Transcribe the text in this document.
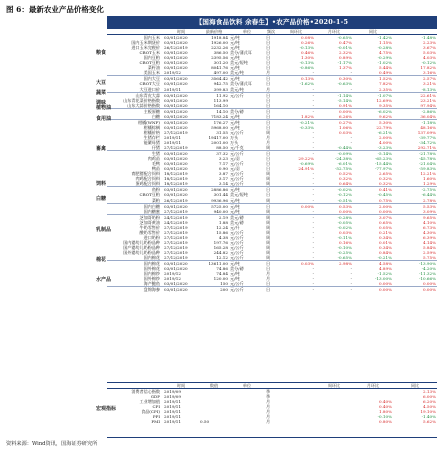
图 6：最新农业产品价格变化
【国海食品饮料 余春生】•农产品价格•2020-1-5
	时间	最新价格	单位	频次	周环比	月环比	同比	
国内玉米	03/01/2020	1918.84	元/吨	日	0.08%	-0.65%	-1.42%	-1.48%
国内玉米期货价	03/01/2020	1926.00	元/吨	日	0.26%	0.47%	1.15%	2.23%
进口玉米完税价	26/12/2019	2232.26	元/吨	日	-0.13%	-0.01%	-0.28%	3.67%
CBOT玉米	03/01/2020	386.50	美分/蒲式耳	日	0.46%	2.32%	4.75%	5.03%
国内豆粕	03/01/2020	2395.56	元/吨	日	1.30%	0.89%	-0.29%	4.03%
CBOT豆粕	03/01/2020	301.20	美元/短吨	日	-0.13%	-1.17%	-1.02%	-0.12%
菜籽油	03/01/2020	8041.76	元/吨	日	-0.86%	1.37%	5.44%	17.82%
美国玉米	2019/12	497.00	美元/吨	月	-	-	0.49%	3.16%
国内大豆	03/01/2020	3564.42	元/吨	日	0.13%	0.30%	1.52%	2.57%
CBOT大豆	03/01/2020	942.75	美分/蒲式耳	日	-1.62%	-0.63%	7.82%	3.21%
大豆进口价	2019/11	399.83	美元/吨	月	-	-	2.35%	-8.13%
山东青皮大蒜	03/01/2020	11.92	元/公斤	日	-	-1.14%	-1.07%	22.61%
山东青花菜价格指数	03/01/2020	113.99		日	-	-5.14%	12.69%	23.21%
山东大蒜价格指数	03/01/2020	164.10		日	-	0.91%	9.35%	97.94%
主板原糖	03/01/2020	14.10	美分/磅	日	-	0.00%	-6.02%	-2.86%
白糖	03/01/2020	7183.24	元/吨	日	1.82%	6.26%	9.62%	36.04%
柑橘(WNF)	03/01/2020	176.27	元/吨	日	-0.21%	0.27%	5.30%	-1.18%
柑橘棕榈	03/01/2020	5968.00	元/吨	日	-0.33%	1.06%	22.79%	48.16%
柑橘价格	27/12/2019	31.55	元/公斤	周	-	0.03%	-6.21%	137.09%
生猪存栏	2019/11	19417.00	万头	月	-	-	2.00%	-39.77%
能繁母猪	2019/11	2001.00	万头	月	-	-	4.00%	-34.72%
仔猪	27/12/2019	88.50	元/千克	周	-	-0.44%	-3.23%	292.71%
生猪	03/01/2020	37.32	元/公斤	日	-	-0.09%	-5.14%	-21.78%
肉鸡苗	03/01/2020	3.23	元/羽	日	29.22%	-24.38%	-65.23%	-45.78%
毛鸭	03/01/2020	7.17	元/公斤	日	-0.69%	-6.01%	-15.44%	-21.04%
鸭苗	03/01/2020	0.90	元/羽	日	24.91%	-52.75%	-77.97%	-59.83%
育肥猪配合饲料	18/12/2019	3.87	元/公斤	周	-	0.52%	2.65%	12.21%
肉鸡配合饲料	18/12/2019	3.17	元/公斤	周	-	0.32%	0.32%	1.60%
蛋鸡配合饲料	18/12/2019	3.14	元/公斤	周	-	0.64%	0.32%	1.29%
鱼粉	03/01/2020	2886.86	元/吨	日	-	-0.02%	0.41%	-2.75%
CBOT豆粕	03/01/2020	301.44	美元/短吨	日	-	-0.12%	-0.45%	-6.44%
菜粕	26/12/2019	9936.96	元/吨	周	-	-0.51%	0.75%	2.78%
国内白糖	03/01/2020	5725.00	元/吨	日	0.00%	0.53%	2.00%	5.53%
国内糖蜜	27/12/2019	940.00	元/吨	周	-	0.00%	0.00%	3.09%
芝加哥奶粉	24/12/2019	2.19	美元/磅	周	-	-0.28%	3.07%	9.65%
芝加哥黄油	24/12/2019	1.88	美元/磅	周	-	-0.05%	0.65%	4.10%
牛奶零售价	27/12/2019	12.24	元/升	周	-	-0.02%	0.05%	6.73%
酸奶零售价	27/12/2019	15.86	元/公斤	周	-	0.03%	0.21%	4.30%
进口奶粉	27/12/2019	4.38	元/公斤	周	-	-0.11%	0.34%	6.39%
国内婴幼儿奶粉品种	27/12/2019	197.76	元/公斤	周	-	0.16%	0.01%	4.14%
国产婴幼儿奶粉品种	27/12/2019	165.28	元/公斤	周	-	-0.10%	0.34%	5.84%
国外婴幼儿奶粉品种	27/12/2019	244.82	元/公斤	周	-	-0.25%	0.84%	2.59%
国内棉花	27/12/2019	12.12	元/公斤	周	-	-0.65%	-0.21%	5.75%
国内棉花	03/01/2020	13611.00	元/吨	日	0.03%	2.98%	4.58%	-13.90%
国外棉花	03/01/2020	74.86	美分/磅	日	-	-	4.89%	-4.20%
国内棉纱	2019/12	74.84	元/吨	月	-	-	-1.52%	-11.32%
国外棉纱	2019/12	120.00	元/吨	月	-	-	-13.00%	-10.66%
海产鲍鱼	03/01/2020	150	元/公斤	日	-	-	0.00%	0.00%
盘锦海参	03/01/2020	200	元/公斤	日	-	-	0.00%	0.00%

粮食
大豆
蔬菜
调味
植物油
食用油
畜禽
饲料
白糖
乳制品
棉花
水产品
	时间	数值	单位		周环比	月环比	同比
消费者信心指数	2019/09			季			2.13%
GDP	2019/09			季			6.00%
工业增加值	2019/11			月		0.40%	6.20%
CPI	2019/11			月		0.40%	4.50%
食品(CPI)	2019/11			月		1.80%	19.10%
PPI	2019/11			月		-0.10%	-1.40%
PMI	2019/11	0.50		月		0.80%	5.62%
宏观指标
资料来源：Wind资讯，国海证券研究所
